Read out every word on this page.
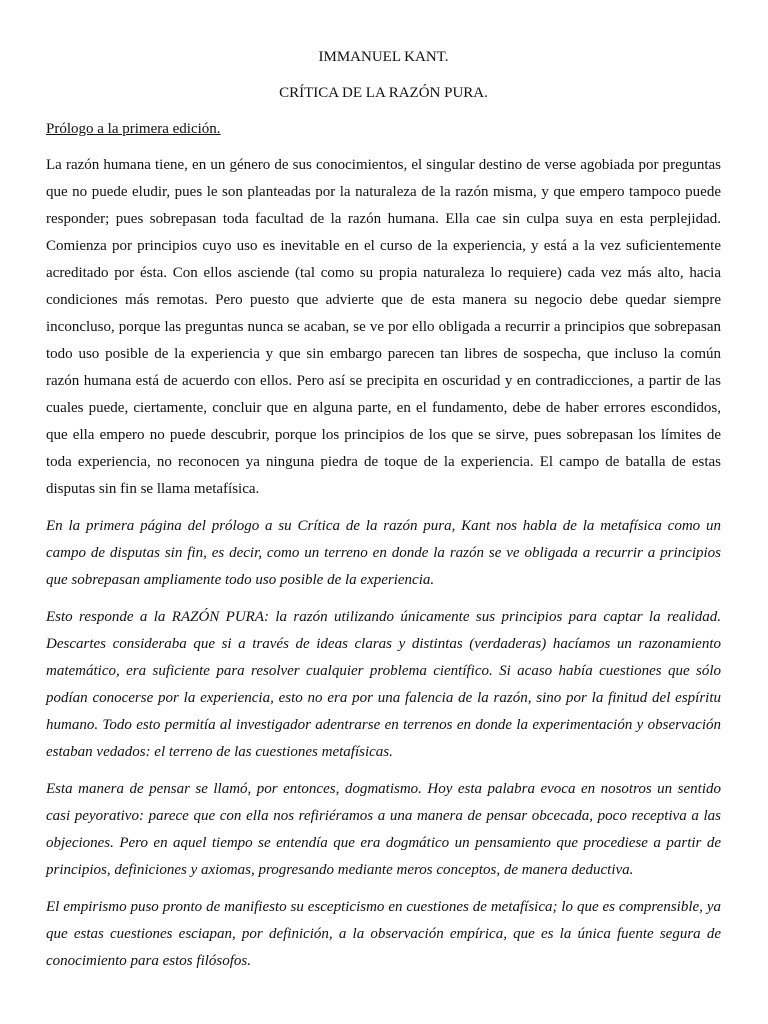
IMMANUEL KANT.
CRÍTICA DE LA RAZÓN PURA.
Prólogo a la primera edición.

La razón humana tiene, en un género de sus conocimientos, el singular destino de verse agobiada por preguntas que no puede eludir, pues le son planteadas por la naturaleza de la razón misma, y que empero tampoco puede responder; pues sobrepasan toda facultad de la razón humana. Ella cae sin culpa suya en esta perplejidad. Comienza por principios cuyo uso es inevitable en el curso de la experiencia, y está a la vez suficientemente acreditado por ésta. Con ellos asciende (tal como su propia naturaleza lo requiere) cada vez más alto, hacia condiciones más remotas. Pero puesto que advierte que de esta manera su negocio debe quedar siempre inconcluso, porque las preguntas nunca se acaban, se ve por ello obligada a recurrir a principios que sobrepasan todo uso posible de la experiencia y que sin embargo parecen tan libres de sospecha, que incluso la común razón humana está de acuerdo con ellos. Pero así se precipita en oscuridad y en contradicciones, a partir de las cuales puede, ciertamente, concluir que en alguna parte, en el fundamento, debe de haber errores escondidos, que ella empero no puede descubrir, porque los principios de los que se sirve, pues sobrepasan los límites de toda experiencia, no reconocen ya ninguna piedra de toque de la experiencia. El campo de batalla de estas disputas sin fin se llama metafísica.

En la primera página del prólogo a su Crítica de la razón pura, Kant nos habla de la metafísica como un campo de disputas sin fin, es decir, como un terreno en donde la razón se ve obligada a recurrir a principios que sobrepasan ampliamente todo uso posible de la experiencia.

Esto responde a la RAZÓN PURA: la razón utilizando únicamente sus principios para captar la realidad. Descartes consideraba que si a través de ideas claras y distintas (verdaderas) hacíamos un razonamiento matemático, era suficiente para resolver cualquier problema científico. Si acaso había cuestiones que sólo podían conocerse por la experiencia, esto no era por una falencia de la razón, sino por la finitud del espíritu humano. Todo esto permitía al investigador adentrarse en terrenos en donde la experimentación y observación estaban vedados: el terreno de las cuestiones metafísicas.

Esta manera de pensar se llamó, por entonces, dogmatismo. Hoy esta palabra evoca en nosotros un sentido casi peyorativo: parece que con ella nos refiriéramos a una manera de pensar obcecada, poco receptiva a las objeciones. Pero en aquel tiempo se entendía que era dogmático un pensamiento que procediese a partir de principios, definiciones y axiomas, progresando mediante meros conceptos, de manera deductiva.

El empirismo puso pronto de manifiesto su escepticismo en cuestiones de metafísica; lo que es comprensible, ya que estas cuestiones esciapan, por definición, a la observación empírica, que es la única fuente segura de conocimiento para estos filósofos.
